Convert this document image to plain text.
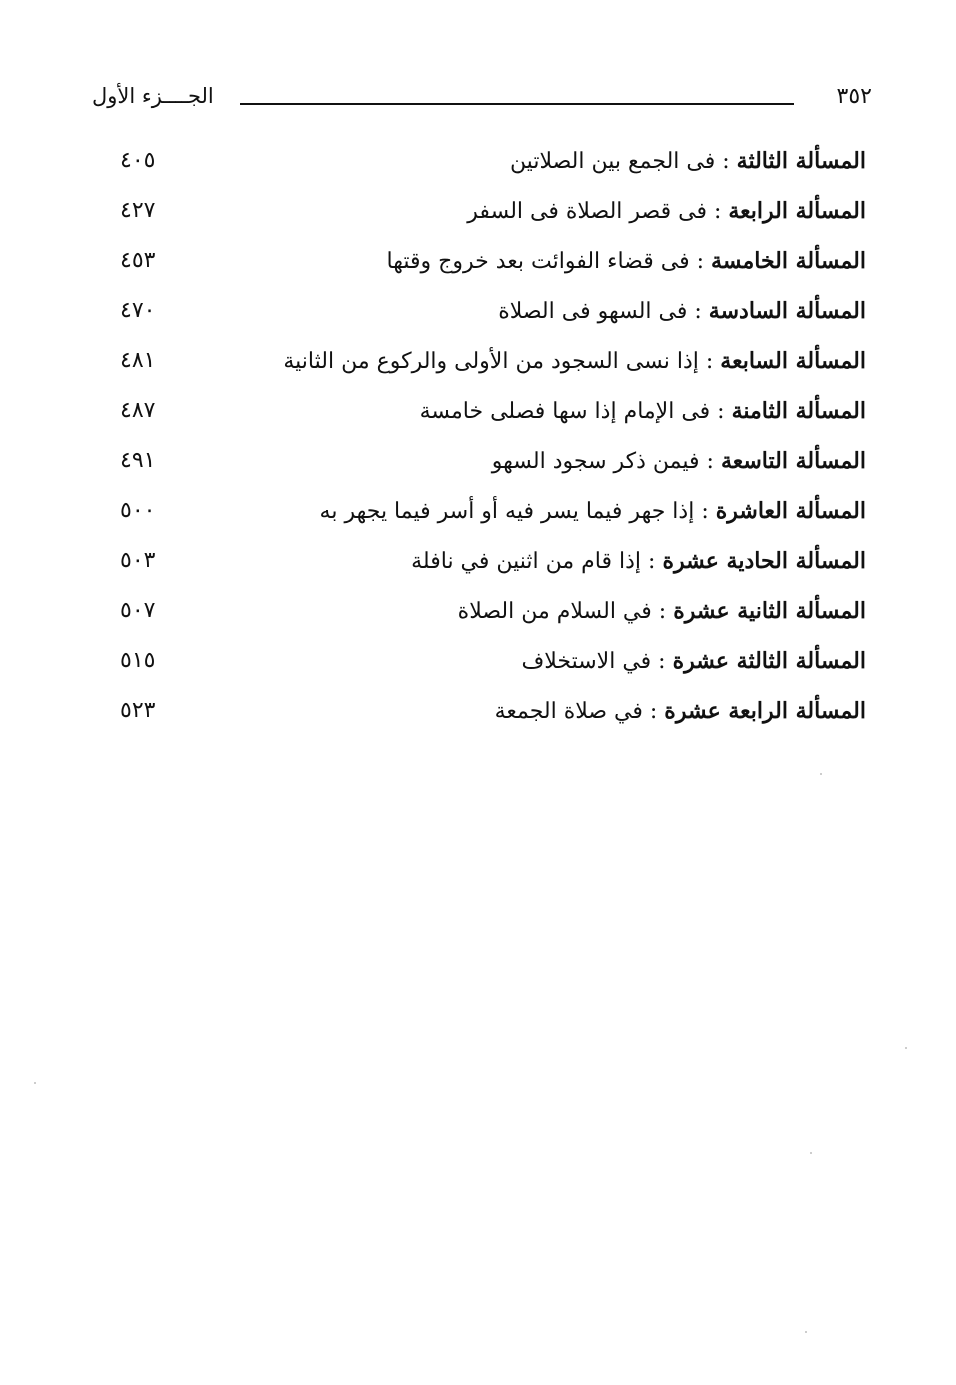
الجــــزء الأول	٣٥٢
المسألة الثالثة : فى الجمع بين الصلاتين
٤٠٥
المسألة الرابعة : فى قصر الصلاة فى السفر
٤٢٧
المسألة الخامسة : فى قضاء الفوائت بعد خروج وقتها
٤٥٣
المسألة السادسة : فى السهو فى الصلاة
٤٧٠
المسألة السابعة : إذا نسى السجود من الأولى والركوع من الثانية
٤٨١
المسألة الثامنة : فى الإمام إذا سها فصلى خامسة
٤٨٧
المسألة التاسعة : فيمن ذكر سجود السهو
٤٩١
المسألة العاشرة : إذا جهر فيما يسر فيه أو أسر فيما يجهر به
٥٠٠
المسألة الحادية عشرة : إذا قام من اثنين في نافلة
٥٠٣
المسألة الثانية عشرة : في السلام من الصلاة
٥٠٧
المسألة الثالثة عشرة : في الاستخلاف
٥١٥
المسألة الرابعة عشرة : في صلاة الجمعة
٥٢٣
